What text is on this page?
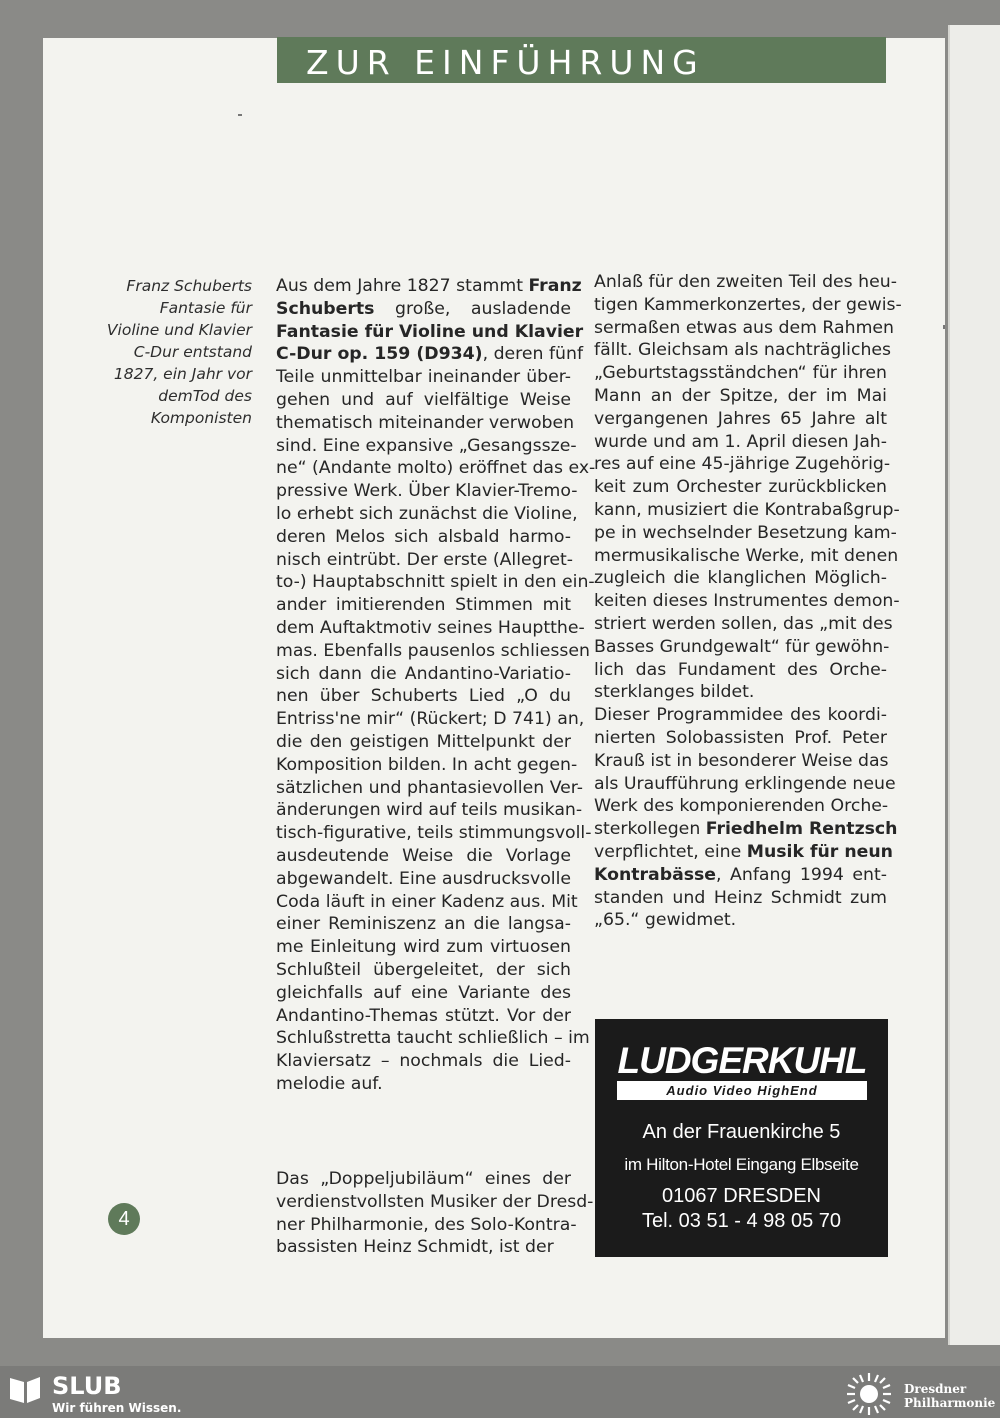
ZUR EINFÜHRUNG
Franz Schuberts
Fantasie für
Violine und Klavier
C-Dur entstand
1827, ein Jahr vor
demTod des
Komponisten
Aus dem Jahre 1827 stammt Franz
Schuberts große, ausladende
Fantasie für Violine und Klavier
C-Dur op. 159 (D934), deren fünf
Teile unmittelbar ineinander über-
gehen und auf vielfältige Weise
thematisch miteinander verwoben
sind. Eine expansive „Gesangssze-
ne“ (Andante molto) eröffnet das ex-
pressive Werk. Über Klavier-Tremo-
lo erhebt sich zunächst die Violine,
deren Melos sich alsbald harmo-
nisch eintrübt. Der erste (Allegret-
to-) Hauptabschnitt spielt in den ein-
ander imitierenden Stimmen mit
dem Auftaktmotiv seines Hauptthe-
mas. Ebenfalls pausenlos schliessen
sich dann die Andantino-Variatio-
nen über Schuberts Lied „O du
Entriss'ne mir“ (Rückert; D 741) an,
die den geistigen Mittelpunkt der
Komposition bilden. In acht gegen-
sätzlichen und phantasievollen Ver-
änderungen wird auf teils musikan-
tisch-figurative, teils stimmungsvoll-
ausdeutende Weise die Vorlage
abgewandelt. Eine ausdrucksvolle
Coda läuft in einer Kadenz aus. Mit
einer Reminiszenz an die langsa-
me Einleitung wird zum virtuosen
Schlußteil übergeleitet, der sich
gleichfalls auf eine Variante des
Andantino-Themas stützt. Vor der
Schlußstretta taucht schließlich – im
Klaviersatz – nochmals die Lied-
melodie auf.
Das „Doppeljubiläum“ eines der
verdienstvollsten Musiker der Dresd-
ner Philharmonie, des Solo-Kontra-
bassisten Heinz Schmidt, ist der
Anlaß für den zweiten Teil des heu-
tigen Kammerkonzertes, der gewis-
sermaßen etwas aus dem Rahmen
fällt. Gleichsam als nachträgliches
„Geburtstagsständchen“ für ihren
Mann an der Spitze, der im Mai
vergangenen Jahres 65 Jahre alt
wurde und am 1. April diesen Jah-
res auf eine 45-jährige Zugehörig-
keit zum Orchester zurückblicken
kann, musiziert die Kontrabaßgrup-
pe in wechselnder Besetzung kam-
mermusikalische Werke, mit denen
zugleich die klanglichen Möglich-
keiten dieses Instrumentes demon-
striert werden sollen, das „mit des
Basses Grundgewalt“ für gewöhn-
lich das Fundament des Orche-
sterklanges bildet.
Dieser Programmidee des koordi-
nierten Solobassisten Prof. Peter
Krauß ist in besonderer Weise das
als Uraufführung erklingende neue
Werk des komponierenden Orche-
sterkollegen Friedhelm Rentzsch
verpflichtet, eine Musik für neun
Kontrabässe, Anfang 1994 ent-
standen und Heinz Schmidt zum
„65.“ gewidmet.
4
LUDGERKUHL
Audio Video HighEnd
An der Frauenkirche 5
im Hilton-Hotel Eingang Elbseite
01067 DRESDEN
Tel. 03 51 - 4 98 05 70
SLUB
Wir führen Wissen.
Dresdner
Philharmonie
